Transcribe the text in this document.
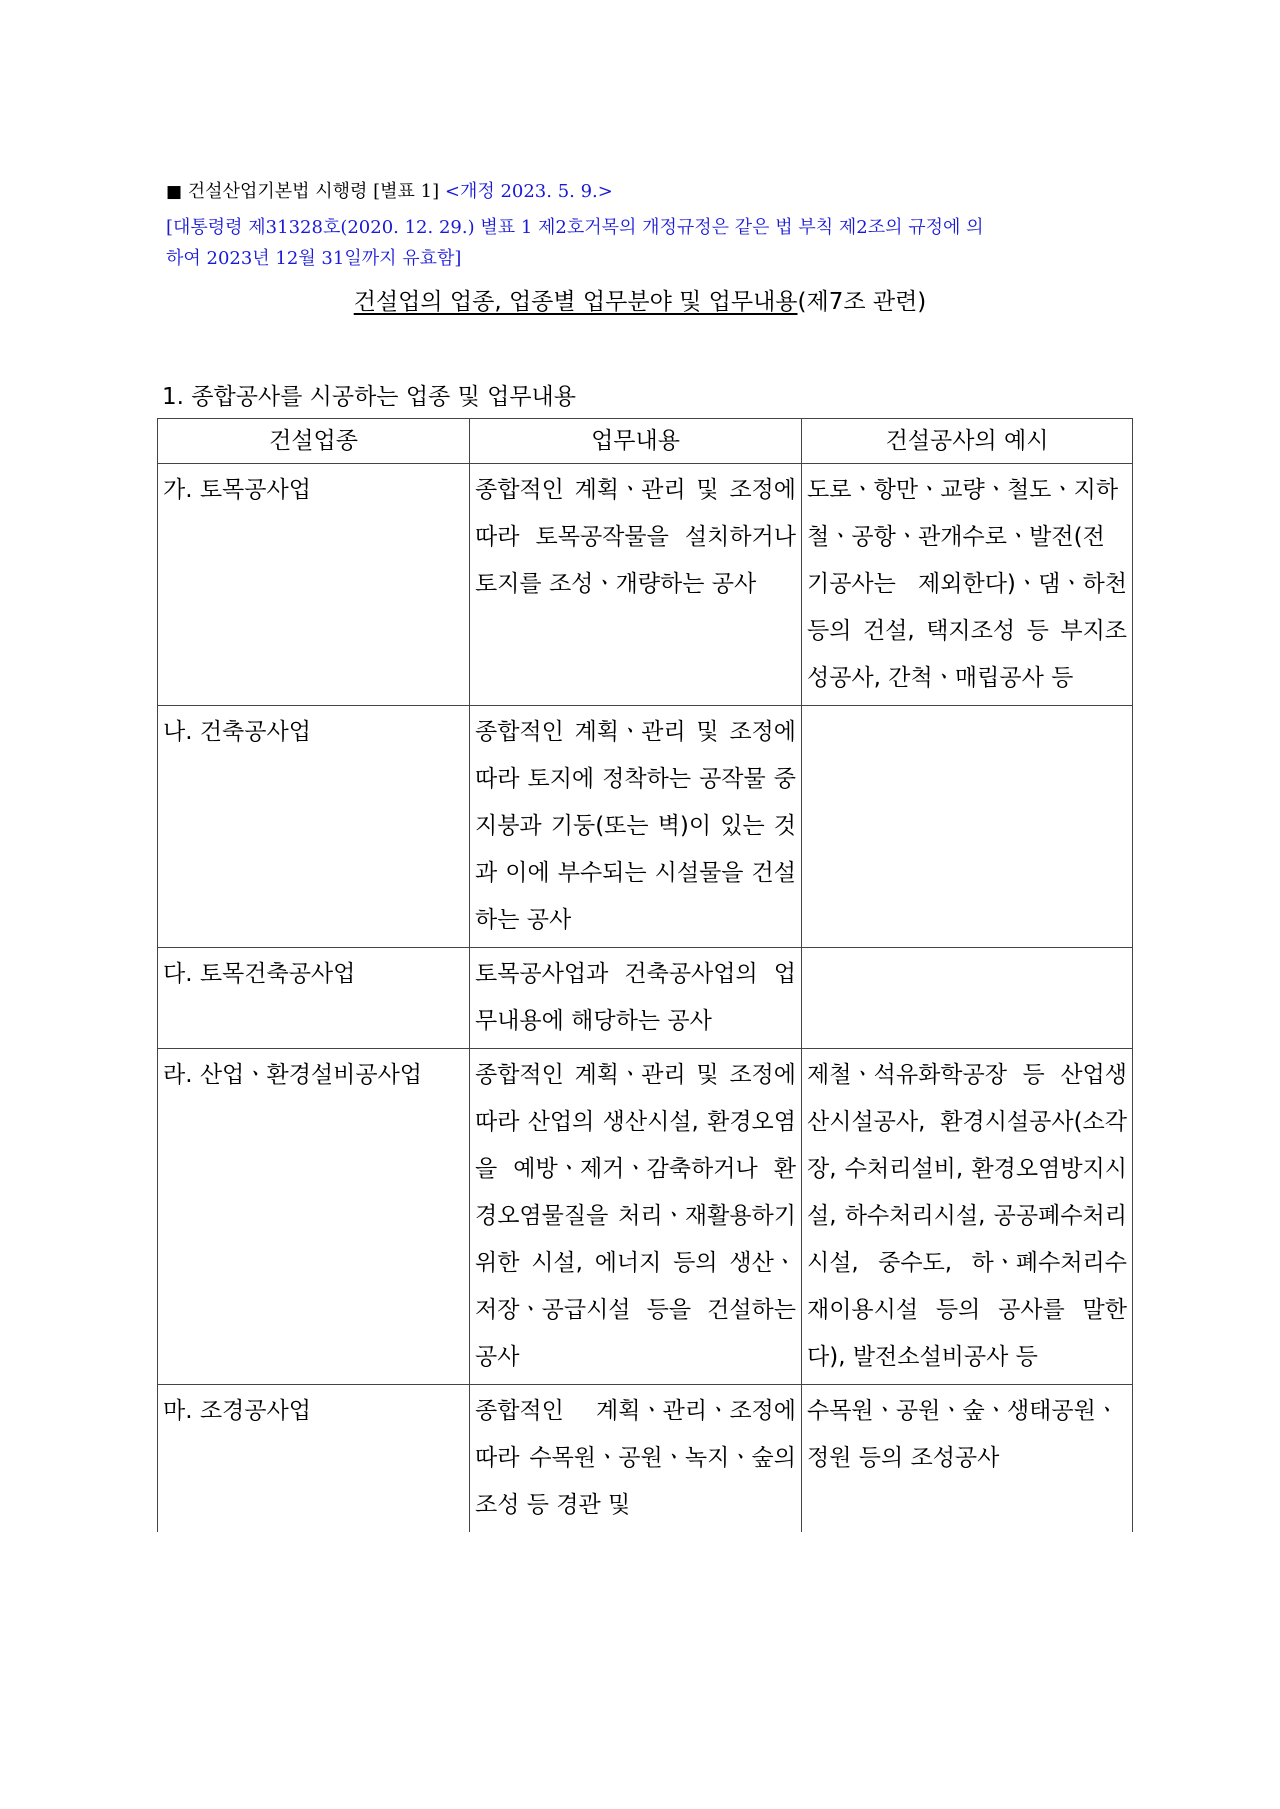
■ 건설산업기본법 시행령 [별표 1] <개정 2023. 5. 9.>
[대통령령 제31328호(2020. 12. 29.) 별표 1 제2호거목의 개정규정은 같은 법 부칙 제2조의 규정에 의
하여 2023년 12월 31일까지 유효함]
건설업의 업종, 업종별 업무분야 및 업무내용(제7조 관련)
1. 종합공사를 시공하는 업종 및 업무내용
건설업종	업무내용	건설공사의 예시
가. 토목공사업	종합적인 계획ㆍ관리 및 조정에 따라 토목공작물을 설치하거나 토지를 조성ㆍ개량하는 공사	도로ㆍ항만ㆍ교량ㆍ철도ㆍ지하철ㆍ공항ㆍ관개수로ㆍ발전(전기공사는 제외한다)ㆍ댐ㆍ하천 등의 건설, 택지조성 등 부지조성공사, 간척ㆍ매립공사 등
나. 건축공사업	종합적인 계획ㆍ관리 및 조정에 따라 토지에 정착하는 공작물 중 지붕과 기둥(또는 벽)이 있는 것과 이에 부수되는 시설물을 건설하는 공사	
다. 토목건축공사업	토목공사업과 건축공사업의 업무내용에 해당하는 공사	
라. 산업ㆍ환경설비공사업	종합적인 계획ㆍ관리 및 조정에 따라 산업의 생산시설, 환경오염을 예방ㆍ제거ㆍ감축하거나 환경오염물질을 처리ㆍ재활용하기 위한 시설, 에너지 등의 생산ㆍ저장ㆍ공급시설 등을 건설하는 공사	제철ㆍ석유화학공장 등 산업생산시설공사, 환경시설공사(소각장, 수처리설비, 환경오염방지시설, 하수처리시설, 공공폐수처리시설, 중수도, 하ㆍ폐수처리수 재이용시설 등의 공사를 말한다), 발전소설비공사 등
마. 조경공사업	종합적인 계획ㆍ관리ㆍ조정에 따라 수목원ㆍ공원ㆍ녹지ㆍ숲의 조성 등 경관 및	수목원ㆍ공원ㆍ숲ㆍ생태공원ㆍ정원 등의 조성공사
